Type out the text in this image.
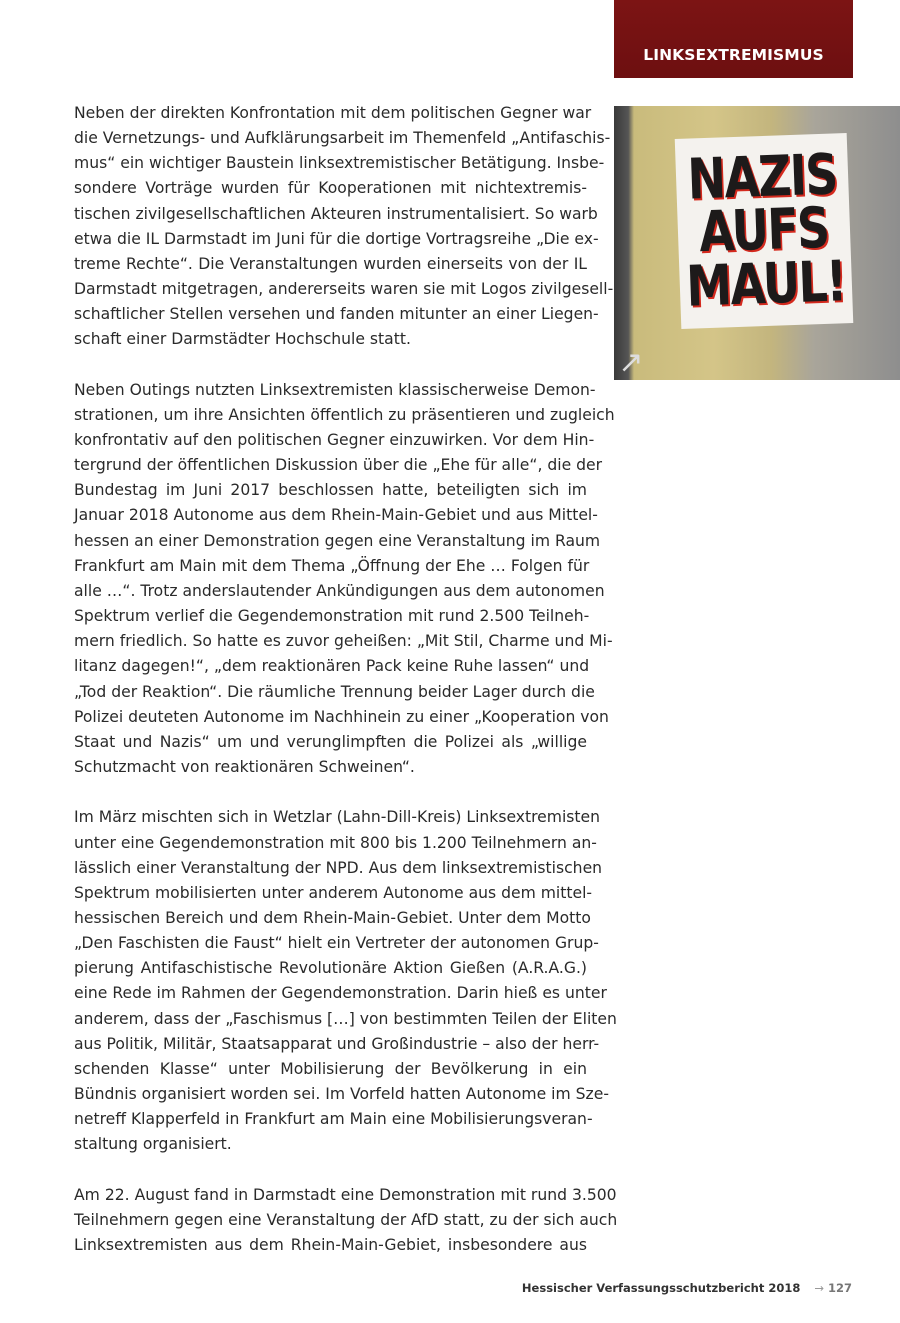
LINKSEXTREMISMUS
NAZIS
AUFS
MAUL!
↗
Neben der direkten Konfrontation mit dem politischen Gegner war
die Vernetzungs- und Aufklärungsarbeit im Themenfeld „Antifaschis-
mus“ ein wichtiger Baustein linksextremistischer Betätigung. Insbe-
sondere Vorträge wurden für Kooperationen mit nichtextremis-
tischen zivilgesellschaftlichen Akteuren instrumentalisiert. So warb
etwa die IL Darmstadt im Juni für die dortige Vortragsreihe „Die ex-
treme Rechte“. Die Veranstaltungen wurden einerseits von der IL
Darmstadt mitgetragen, andererseits waren sie mit Logos zivilgesell-
schaftlicher Stellen versehen und fanden mitunter an einer Liegen-
schaft einer Darmstädter Hochschule statt.
Neben Outings nutzten Linksextremisten klassischerweise Demon-
strationen, um ihre Ansichten öffentlich zu präsentieren und zugleich
konfrontativ auf den politischen Gegner einzuwirken. Vor dem Hin-
tergrund der öffentlichen Diskussion über die „Ehe für alle“, die der
Bundestag im Juni 2017 beschlossen hatte, beteiligten sich im
Januar 2018 Autonome aus dem Rhein-Main-Gebiet und aus Mittel-
hessen an einer Demonstration gegen eine Veranstaltung im Raum
Frankfurt am Main mit dem Thema „Öffnung der Ehe … Folgen für
alle …“. Trotz anderslautender Ankündigungen aus dem autonomen
Spektrum verlief die Gegendemonstration mit rund 2.500 Teilneh-
mern friedlich. So hatte es zuvor geheißen: „Mit Stil, Charme und Mi-
litanz dagegen!“, „dem reaktionären Pack keine Ruhe lassen“ und
„Tod der Reaktion“. Die räumliche Trennung beider Lager durch die
Polizei deuteten Autonome im Nachhinein zu einer „Kooperation von
Staat und Nazis“ um und verunglimpften die Polizei als „willige
Schutzmacht von reaktionären Schweinen“.
Im März mischten sich in Wetzlar (Lahn-Dill-Kreis) Linksextremisten
unter eine Gegendemonstration mit 800 bis 1.200 Teilnehmern an-
lässlich einer Veranstaltung der NPD. Aus dem linksextremistischen
Spektrum mobilisierten unter anderem Autonome aus dem mittel-
hessischen Bereich und dem Rhein-Main-Gebiet. Unter dem Motto
„Den Faschisten die Faust“ hielt ein Vertreter der autonomen Grup-
pierung Antifaschistische Revolutionäre Aktion Gießen (A.R.A.G.)
eine Rede im Rahmen der Gegendemonstration. Darin hieß es unter
anderem, dass der „Faschismus […] von bestimmten Teilen der Eliten
aus Politik, Militär, Staatsapparat und Großindustrie – also der herr-
schenden Klasse“ unter Mobilisierung der Bevölkerung in ein
Bündnis organisiert worden sei. Im Vorfeld hatten Autonome im Sze-
netreff Klapperfeld in Frankfurt am Main eine Mobilisierungsveran-
staltung organisiert.
Am 22. August fand in Darmstadt eine Demonstration mit rund 3.500
Teilnehmern gegen eine Veranstaltung der AfD statt, zu der sich auch
Linksextremisten aus dem Rhein-Main-Gebiet, insbesondere aus
Hessischer Verfassungsschutzbericht 2018 → 127
